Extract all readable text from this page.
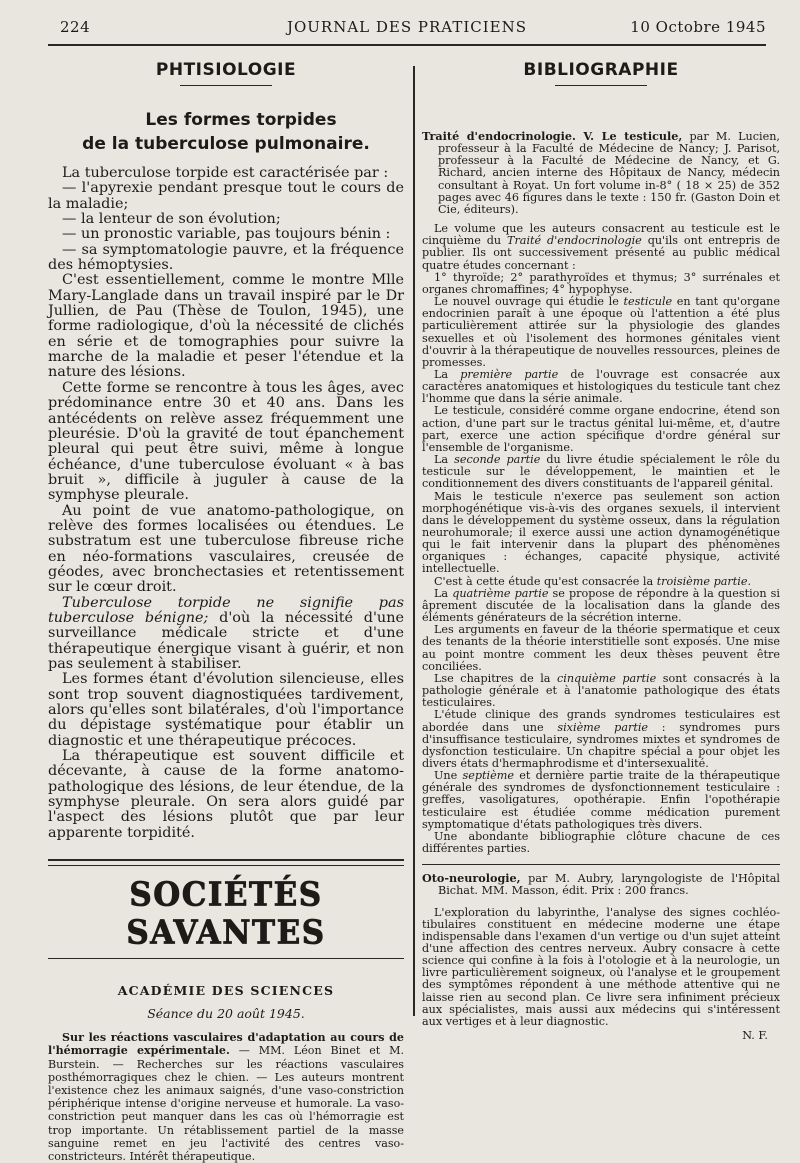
224	JOURNAL DES PRATICIENS	10 Octobre 1945
PHTISIOLOGIE
Les formes torpides
de la tuberculose pulmonaire.

La tuberculose torpide est caractérisée par :

— l'apyrexie pendant presque tout le cours de la maladie;

— la lenteur de son évolution;

— un pronostic variable, pas toujours bénin :

— sa symptomatologie pauvre, et la fréquence des hémoptysies.

C'est essentiellement, comme le montre Mlle Mary-Langlade dans un travail inspiré par le Dr Jullien, de Pau (Thèse de Toulon, 1945), une forme radiologique, d'où la nécessité de clichés en série et de tomographies pour suivre la marche de la maladie et peser l'étendue et la nature des lésions.

Cette forme se rencontre à tous les âges, avec prédominance entre 30 et 40 ans. Dans les antécédents on relève assez fréquemment une pleurésie. D'où la gravité de tout épanchement pleural qui peut être suivi, même à longue échéance, d'une tuberculose évoluant « à bas bruit », difficile à juguler à cause de la symphyse pleurale.

Au point de vue anatomo-pathologique, on relève des formes localisées ou étendues. Le substratum est une tuberculose fibreuse riche en néo-formations vasculaires, creusée de géodes, avec bronchectasies et retentissement sur le cœur droit.

Tuberculose torpide ne signifie pas tuberculose bénigne; d'où la nécessité d'une surveillance médicale stricte et d'une thérapeutique énergique visant à guérir, et non pas seulement à stabiliser.

Les formes étant d'évolution silencieuse, elles sont trop souvent diagnostiquées tardivement, alors qu'elles sont bilatérales, d'où l'importance du dépistage systématique pour établir un diagnostic et une thérapeutique précoces.

La thérapeutique est souvent difficile et décevante, à cause de la forme anatomo-pathologique des lésions, de leur étendue, de la symphyse pleurale. On sera alors guidé par l'aspect des lésions plutôt que par leur apparente torpidité.

SOCIÉTÉS SAVANTES
ACADÉMIE DES SCIENCES
Séance du 20 août 1945.

Sur les réactions vasculaires d'adaptation au cours de l'hémorragie expérimentale. — MM. Léon Binet et M. Burstein. — Recherches sur les réactions vasculaires posthémorragiques chez le chien. — Les auteurs montrent l'existence chez les animaux saignés, d'une vaso-constriction périphérique intense d'origine nerveuse et humorale. La vaso-constriction peut manquer dans les cas où l'hémorragie est trop importante. Un rétablissement partiel de la masse sanguine remet en jeu l'activité des centres vaso-constricteurs. Intérêt thérapeutique.

BIBLIOGRAPHIE

Traité d'endocrinologie. V. Le testicule, par M. Lucien, professeur à la Faculté de Médecine de Nancy; J. Parisot, professeur à la Faculté de Médecine de Nancy, et G. Richard, ancien interne des Hôpitaux de Nancy, médecin consultant à Royat. Un fort volume in-8° ( 18 × 25) de 352 pages avec 46 figures dans le texte : 150 fr. (Gaston Doin et Cie, éditeurs).

Le volume que les auteurs consacrent au testicule est le cinquième du Traité d'endocrinologie qu'ils ont entrepris de publier. Ils ont successivement présenté au public médical quatre études concernant :

1° thyroïde; 2° parathyroïdes et thymus; 3° surrénales et organes chromaffines; 4° hypophyse.

Le nouvel ouvrage qui étudie le testicule en tant qu'organe endocrinien paraît à une époque où l'attention a été plus particulièrement attirée sur la physiologie des glandes sexuelles et où l'isolement des hormones génitales vient d'ouvrir à la thérapeutique de nouvelles ressources, pleines de promesses.

La première partie de l'ouvrage est consacrée aux caractères anatomiques et histologiques du testicule tant chez l'homme que dans la série animale.

Le testicule, considéré comme organe endocrine, étend son action, d'une part sur le tractus génital lui-même, et, d'autre part, exerce une action spécifique d'ordre général sur l'ensemble de l'organisme.

La seconde partie du livre étudie spécialement le rôle du testicule sur le développement, le maintien et le conditionnement des divers constituants de l'appareil génital.

Mais le testicule n'exerce pas seulement son action morphogénétique vis-à-vis des organes sexuels, il intervient dans le développement du système osseux, dans la régulation neurohumorale; il exerce aussi une action dynamogénétique qui le fait intervenir dans la plupart des phénomènes organiques : échanges, capacité physique, activité intellectuelle.

C'est à cette étude qu'est consacrée la troisième partie.

La quatrième partie se propose de répondre à la question si âprement discutée de la localisation dans la glande des éléments générateurs de la sécrétion interne.

Les arguments en faveur de la théorie spermatique et ceux des tenants de la théorie interstitielle sont exposés. Une mise au point montre comment les deux thèses peuvent être conciliées.

Lse chapitres de la cinquième partie sont consacrés à la pathologie générale et à l'anatomie pathologique des états testiculaires.

L'étude clinique des grands syndromes testiculaires est abordée dans une sixième partie : syndromes purs d'insuffisance testiculaire, syndromes mixtes et syndromes de dysfonction testiculaire. Un chapitre spécial a pour objet les divers états d'hermaphrodisme et d'intersexualité.

Une septième et dernière partie traite de la thérapeutique générale des syndromes de dysfonctionnement testiculaire : greffes, vasoligatures, opothérapie. Enfin l'opothérapie testiculaire est étudiée comme médication purement symptomatique d'états pathologiques très divers.

Une abondante bibliographie clôture chacune de ces différentes parties.

Oto-neurologie, par M. Aubry, laryngologiste de l'Hôpital Bichat. MM. Masson, édit. Prix : 200 francs.

L'exploration du labyrinthe, l'analyse des signes cochléo-tibulaires constituent en médecine moderne une étape indispensable dans l'examen d'un vertige ou d'un sujet atteint d'une affection des centres nerveux. Aubry consacre à cette science qui confine à la fois à l'otologie et à la neurologie, un livre particulièrement soigneux, où l'analyse et le groupement des symptômes répondent à une méthode attentive qui ne laisse rien au second plan. Ce livre sera infiniment précieux aux spécialistes, mais aussi aux médecins qui s'intéressent aux vertiges et à leur diagnostic.

N. F.
